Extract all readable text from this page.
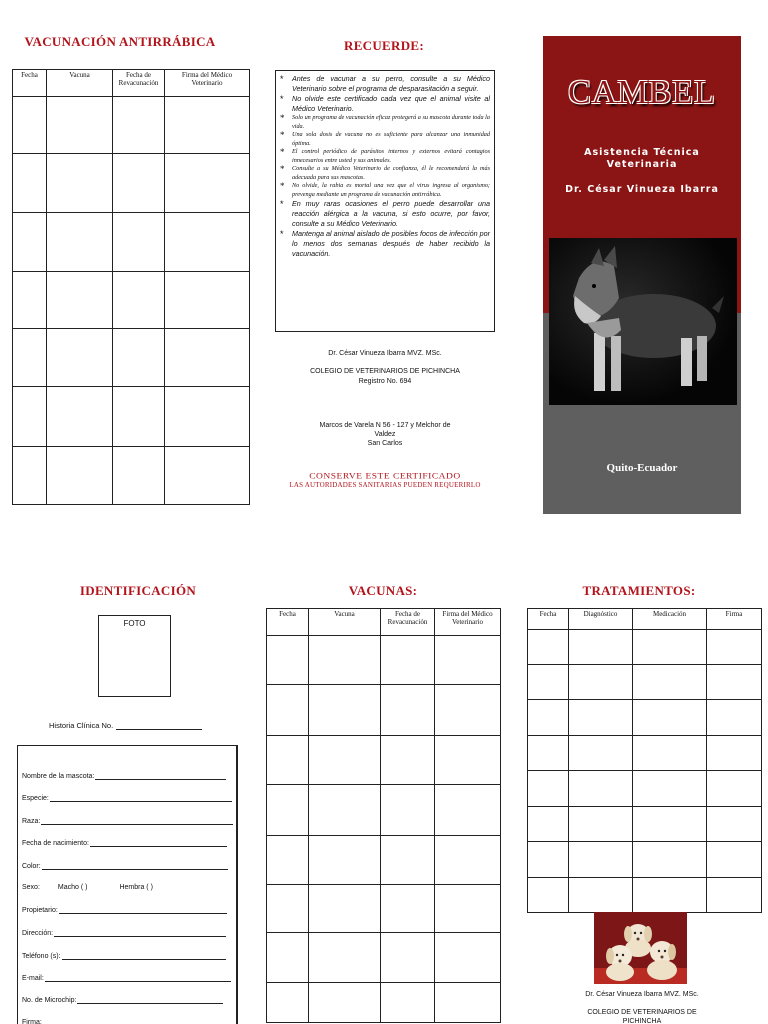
VACUNACIÓN ANTIRRÁBICA
Fecha	Vacuna	Fecha de Revacunación	Firma del Médico Veterinario

RECUERDE:
* Antes de vacunar a su perro, consulte a su Médico Veterinario sobre el programa de desparasitación a seguir.
* No olvide este certificado cada vez que el animal visite al Médico Veterinario.
* Solo un programa de vacunación eficaz protegerá a su mascota durante toda la vida.
* Una sola dosis de vacuna no es suficiente para alcanzar una inmunidad óptima.
* El control periódico de parásitos internos y externos evitará contagios innecesarios entre usted y sus animales.
* Consulte a su Médico Veterinario de confianza, él le recomendará la más adecuada para sus mascotas.
* No olvide, la rabia es mortal una vez que el virus ingresa al organismo; prevenga mediante un programa de vacunación antirrábica.
* En muy raras ocasiones el perro puede desarrollar una reacción alérgica a la vacuna, si esto ocurre, por favor, consulte a su Médico Veterinario.
* Mantenga al animal aislado de posibles focos de infección por lo menos dos semanas después de haber recibido la vacunación.
Dr. César Vinueza Ibarra MVZ. MSc.
COLEGIO DE VETERINARIOS DE PICHINCHA
Registro No. 694
Marcos de Varela N 56 - 127 y Melchor de
Valdez
San Carlos
CONSERVE ESTE CERTIFICADO
LAS AUTORIDADES SANITARIAS PUEDEN REQUERIRLO
CAMBEL
Asistencia Técnica
Veterinaria
Dr. César Vinueza Ibarra
Quito-Ecuador
IDENTIFICACIÓN
FOTO
Historia Clínica No.
Nombre de la mascota:
Especie:
Raza:
Fecha de nacimiento:
Color:
Sexo:	Macho ( )	Hembra ( )
Propietario:
Dirección:
Teléfono (s):
E-mail:
No. de Microchip:
Firma:
VACUNAS:
Fecha	Vacuna	Fecha de Revacunación	Firma del Médico Veterinario

TRATAMIENTOS:
Fecha	Diagnóstico	Medicación	Firma

Dr. César Vinueza Ibarra MVZ. MSc.
COLEGIO DE VETERINARIOS DE
PICHINCHA
